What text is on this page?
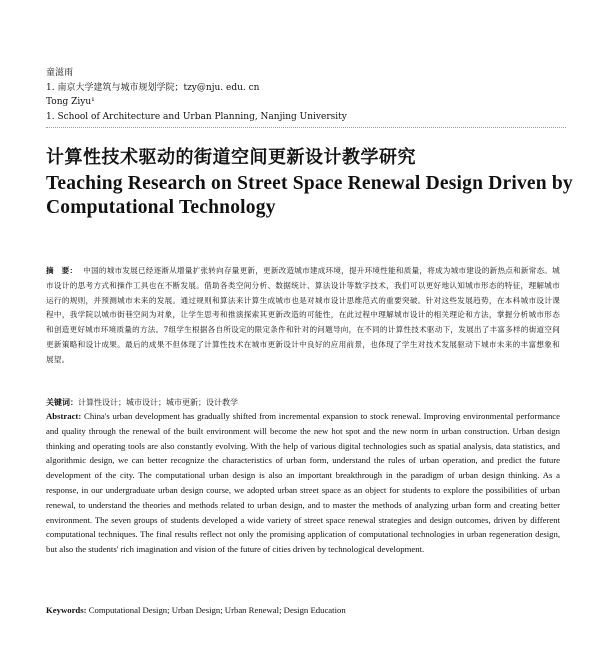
童滋雨
1. 南京大学建筑与城市规划学院；tzy@nju. edu. cn
Tong Ziyu¹
1. School of Architecture and Urban Planning, Nanjing University
计算性技术驱动的街道空间更新设计教学研究
Teaching Research on Street Space Renewal Design Driven by Computational Technology
摘　要： 中国的城市发展已经逐渐从增量扩张转向存量更新，更新改造城市建成环境，提升环境性能和质量，将成为城市建设的新热点和新常态。城市设计的思考方式和操作工具也在不断发展。借助各类空间分析、数据统计、算法设计等数字技术，我们可以更好地认知城市形态的特征，理解城市运行的规则，并预测城市未来的发展。通过规则和算法来计算生成城市也是对城市设计思维范式的重要突破。针对这些发展趋势，在本科城市设计课程中，我学院以城市街巷空间为对象，让学生思考和推演探索其更新改造的可能性，在此过程中理解城市设计的相关理论和方法，掌握分析城市形态和创造更好城市环境质量的方法。7组学生根据各自所设定的限定条件和针对的问题导向，在不同的计算性技术驱动下，发展出了丰富多样的街道空间更新策略和设计成果。最后的成果不但体现了计算性技术在城市更新设计中良好的应用前景，也体现了学生对技术发展驱动下城市未来的丰富想象和展望。
关键词：计算性设计；城市设计；城市更新；设计教学
Abstract: China's urban development has gradually shifted from incremental expansion to stock renewal. Improving environmental performance and quality through the renewal of the built environment will become the new hot spot and the new norm in urban construction. Urban design thinking and operating tools are also constantly evolving. With the help of various digital technologies such as spatial analysis, data statistics, and algorithmic design, we can better recognize the characteristics of urban form, understand the rules of urban operation, and predict the future development of the city. The computational urban design is also an important breakthrough in the paradigm of urban design thinking. As a response, in our undergraduate urban design course, we adopted urban street space as an object for students to explore the possibilities of urban renewal, to understand the theories and methods related to urban design, and to master the methods of analyzing urban form and creating better environment. The seven groups of students developed a wide variety of street space renewal strategies and design outcomes, driven by different computational techniques. The final results reflect not only the promising application of computational technologies in urban regeneration design, but also the students' rich imagination and vision of the future of cities driven by technological development.
Keywords: Computational Design; Urban Design; Urban Renewal; Design Education
